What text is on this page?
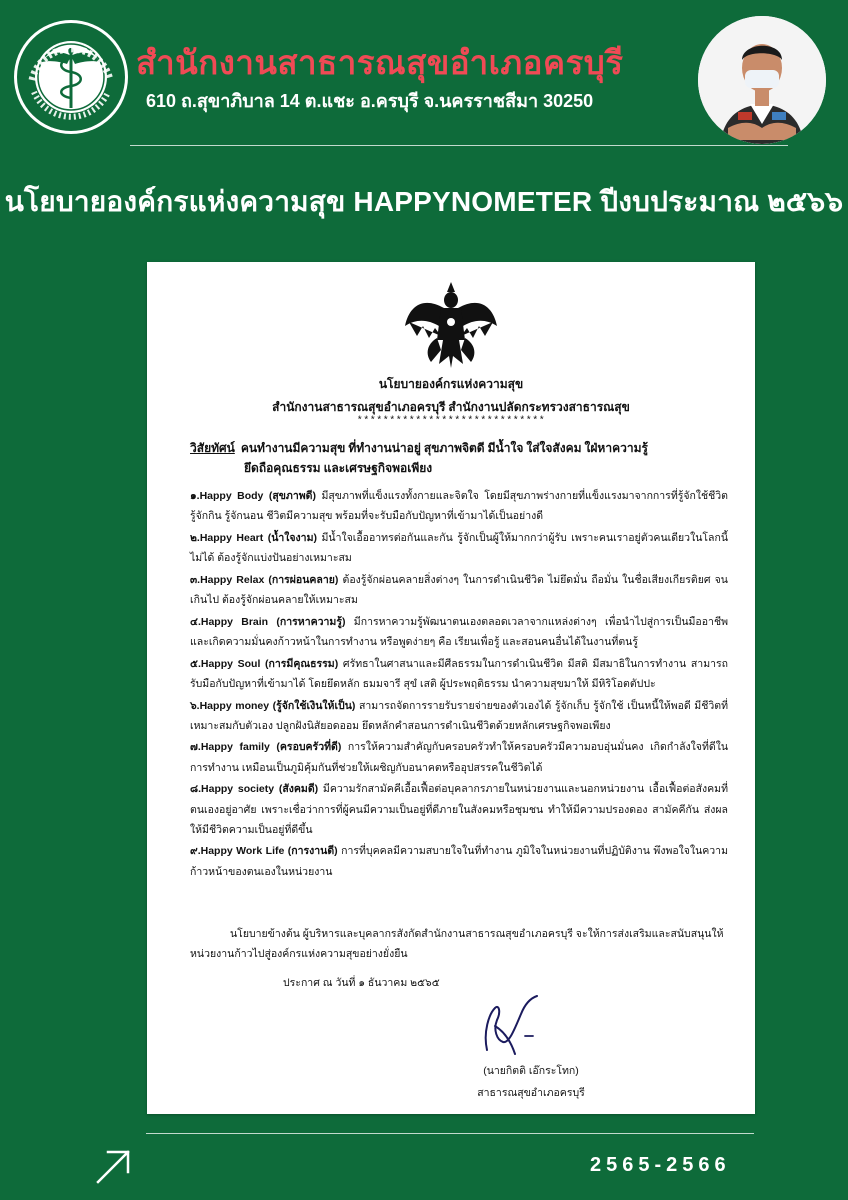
สำนักงานสาธารณสุขอำเภอครบุรี
610 ถ.สุขาภิบาล 14 ต.แชะ อ.ครบุรี จ.นครราชสีมา 30250
นโยบายองค์กรแห่งความสุข HAPPYNOMETER ปีงบประมาณ ๒๕๖๖
นโยบายองค์กรแห่งความสุข
สำนักงานสาธารณสุขอำเภอครบุรี สำนักงานปลัดกระทรวงสาธารณสุข
*****************************
วิสัยทัศน์ คนทำงานมีความสุข ที่ทำงานน่าอยู่ สุขภาพจิตดี มีน้ำใจ ใส่ใจสังคม ใฝ่หาความรู้
ยึดถือคุณธรรม และเศรษฐกิจพอเพียง

๑.Happy Body (สุขภาพดี) มีสุขภาพที่แข็งแรงทั้งกายและจิตใจ โดยมีสุขภาพร่างกายที่แข็งแรงมาจากการที่รู้จักใช้ชีวิต รู้จักกิน รู้จักนอน ชีวิตมีความสุข พร้อมที่จะรับมือกับปัญหาที่เข้ามาได้เป็นอย่างดี

๒.Happy Heart (น้ำใจงาม) มีน้ำใจเอื้ออาทรต่อกันและกัน รู้จักเป็นผู้ให้มากกว่าผู้รับ เพราะคนเราอยู่ตัวคนเดียวในโลกนี้ไม่ได้ ต้องรู้จักแบ่งปันอย่างเหมาะสม

๓.Happy Relax (การผ่อนคลาย) ต้องรู้จักผ่อนคลายสิ่งต่างๆ ในการดำเนินชีวิต ไม่ยึดมั่น ถือมั่น ในชื่อเสียงเกียรติยศ จนเกินไป ต้องรู้จักผ่อนคลายให้เหมาะสม

๔.Happy Brain (การหาความรู้) มีการหาความรู้พัฒนาตนเองตลอดเวลาจากแหล่งต่างๆ เพื่อนำไปสู่การเป็นมืออาชีพ และเกิดความมั่นคงก้าวหน้าในการทำงาน หรือพูดง่ายๆ คือ เรียนเพื่อรู้ และสอนคนอื่นได้ในงานที่ตนรู้

๕.Happy Soul (การมีคุณธรรม) ศรัทธาในศาสนาและมีศีลธรรมในการดำเนินชีวิต มีสติ มีสมาธิในการทำงาน สามารถรับมือกับปัญหาที่เข้ามาได้ โดยยึดหลัก ธมมจารี สุขํ เสติ ผู้ประพฤติธรรม นำความสุขมาให้ มีหิริโอตตัปปะ

๖.Happy money (รู้จักใช้เงินให้เป็น) สามารถจัดการรายรับรายจ่ายของตัวเองได้ รู้จักเก็บ รู้จักใช้ เป็นหนี้ให้พอดี มีชีวิตที่เหมาะสมกับตัวเอง ปลูกฝังนิสัยอดออม ยึดหลักคำสอนการดำเนินชีวิตด้วยหลักเศรษฐกิจพอเพียง

๗.Happy family (ครอบครัวที่ดี) การให้ความสำคัญกับครอบครัวทำให้ครอบครัวมีความอบอุ่นมั่นคง เกิดกำลังใจที่ดีในการทำงาน เหมือนเป็นภูมิคุ้มกันที่ช่วยให้เผชิญกับอนาคตหรืออุปสรรคในชีวิตได้

๘.Happy society (สังคมดี) มีความรักสามัคคีเอื้อเฟื้อต่อบุคลากรภายในหน่วยงานและนอกหน่วยงาน เอื้อเฟื้อต่อสังคมที่ตนเองอยู่อาศัย เพราะเชื่อว่าการที่ผู้คนมีความเป็นอยู่ที่ดีภายในสังคมหรือชุมชน ทำให้มีความปรองดอง สามัคคีกัน ส่งผลให้มีชีวิตความเป็นอยู่ที่ดีขึ้น

๙.Happy Work Life (การงานดี) การที่บุคคลมีความสบายใจในที่ทำงาน ภูมิใจในหน่วยงานที่ปฏิบัติงาน พึงพอใจในความก้าวหน้าของตนเองในหน่วยงาน

นโยบายข้างต้น ผู้บริหารและบุคลากรสังกัดสำนักงานสาธารณสุขอำเภอครบุรี จะให้การส่งเสริมและสนับสนุนให้หน่วยงานก้าวไปสู่องค์กรแห่งความสุขอย่างยั่งยืน
ประกาศ ณ วันที่ ๑ ธันวาคม ๒๕๖๕
(นายกิตติ เอ๊กระโทก)
สาธารณสุขอำเภอครบุรี
2565-2566
